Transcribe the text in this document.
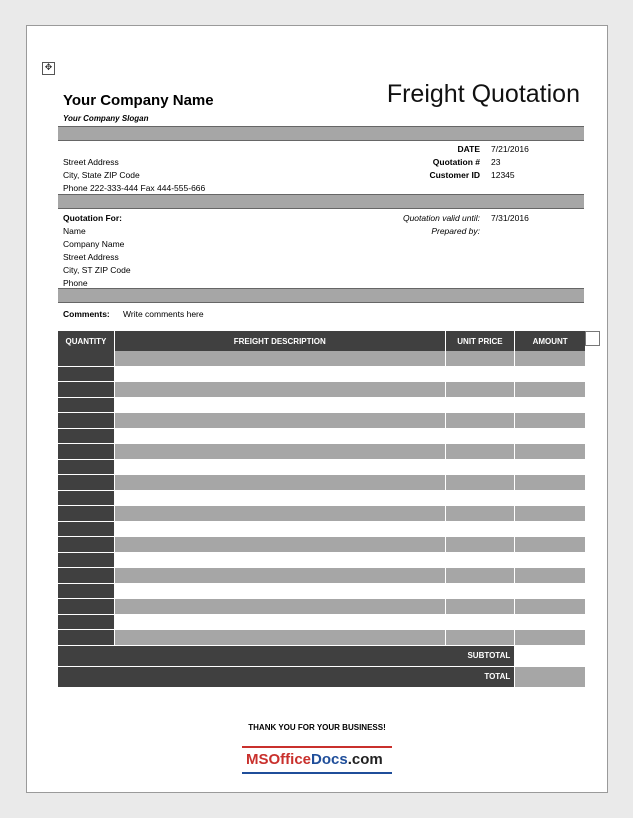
✥
Your Company Name
Your Company Slogan
Freight Quotation
Street Address
City, State ZIP Code
Phone 222-333-444 Fax 444-555-666
DATE 7/21/2016
Quotation # 23
Customer ID 12345
Quotation For:
Name
Company Name
Street Address
City, ST ZIP Code
Phone
Quotation valid until: 7/31/2016
Prepared by:
Comments: Write comments here
QUANTITY	FREIGHT DESCRIPTION	UNIT PRICE	AMOUNT

SUBTOTAL			
TOTAL			
THANK YOU FOR YOUR BUSINESS!
MSOfficeDocs.com
